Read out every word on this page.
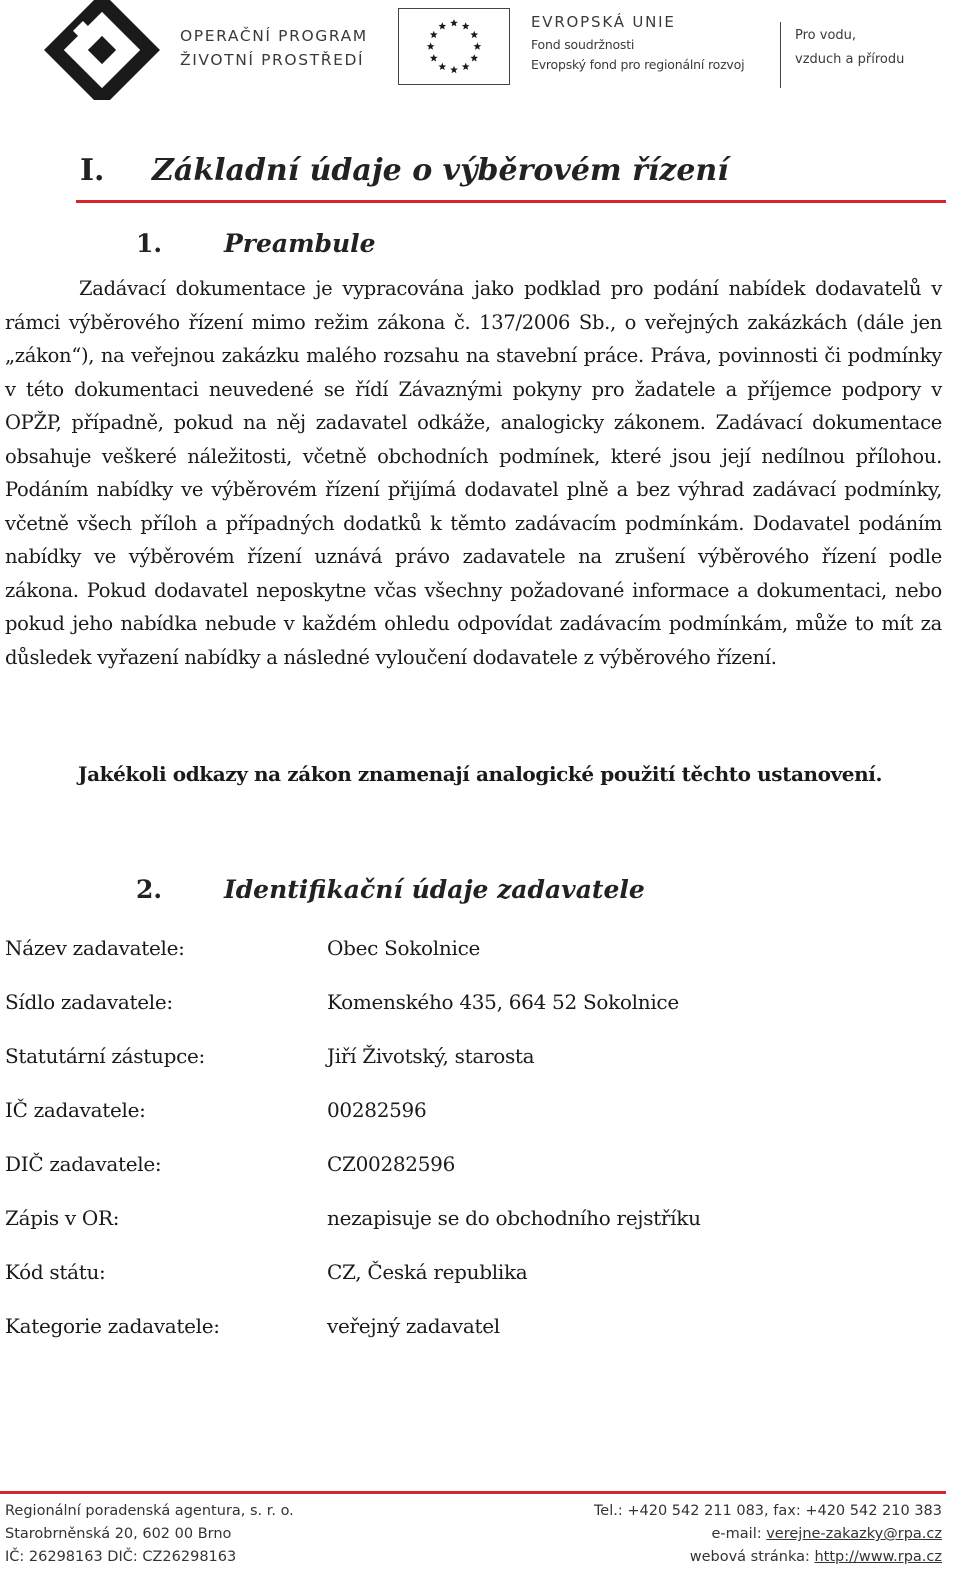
OPERAČNÍ PROGRAM
ŽIVOTNÍ PROSTŘEDÍ
EVROPSKÁ UNIE
Fond soudržnosti
Evropský fond pro regionální rozvoj
Pro vodu,
vzduch a přírodu
I. Základní údaje o výběrovém řízení
1. Preambule
Zadávací dokumentace je vypracována jako podklad pro podání nabídek dodavatelů v rámci výběrového řízení mimo režim zákona č. 137/2006 Sb., o veřejných zakázkách (dále jen „zákon“), na veřejnou zakázku malého rozsahu na stavební práce. Práva, povinnosti či podmínky v této dokumentaci neuvedené se řídí Závaznými pokyny pro žadatele a příjemce podpory v OPŽP, případně, pokud na něj zadavatel odkáže, analogicky zákonem. Zadávací dokumentace obsahuje veškeré náležitosti, včetně obchodních podmínek, které jsou její nedílnou přílohou. Podáním nabídky ve výběrovém řízení přijímá dodavatel plně a bez výhrad zadávací podmínky, včetně všech příloh a případných dodatků k těmto zadávacím podmínkám. Dodavatel podáním nabídky ve výběrovém řízení uznává právo zadavatele na zrušení výběrového řízení podle zákona. Pokud dodavatel neposkytne včas všechny požadované informace a dokumentaci, nebo pokud jeho nabídka nebude v každém ohledu odpovídat zadávacím podmínkám, může to mít za důsledek vyřazení nabídky a následné vyloučení dodavatele z výběrového řízení.
Jakékoli odkazy na zákon znamenají analogické použití těchto ustanovení.
2. Identifikační údaje zadavatele
Název zadavatele:	Obec Sokolnice
Sídlo zadavatele:	Komenského 435, 664 52 Sokolnice
Statutární zástupce:	Jiří Životský, starosta
IČ zadavatele:	00282596
DIČ zadavatele:	CZ00282596
Zápis v OR:	nezapisuje se do obchodního rejstříku
Kód státu:	CZ, Česká republika
Kategorie zadavatele:	veřejný zadavatel
Regionální poradenská agentura, s. r. o.
Starobrněnská 20, 602 00 Brno
IČ: 26298163 DIČ: CZ26298163
Tel.: +420 542 211 083, fax: +420 542 210 383
e-mail: verejne-zakazky@rpa.cz
webová stránka: http://www.rpa.cz
